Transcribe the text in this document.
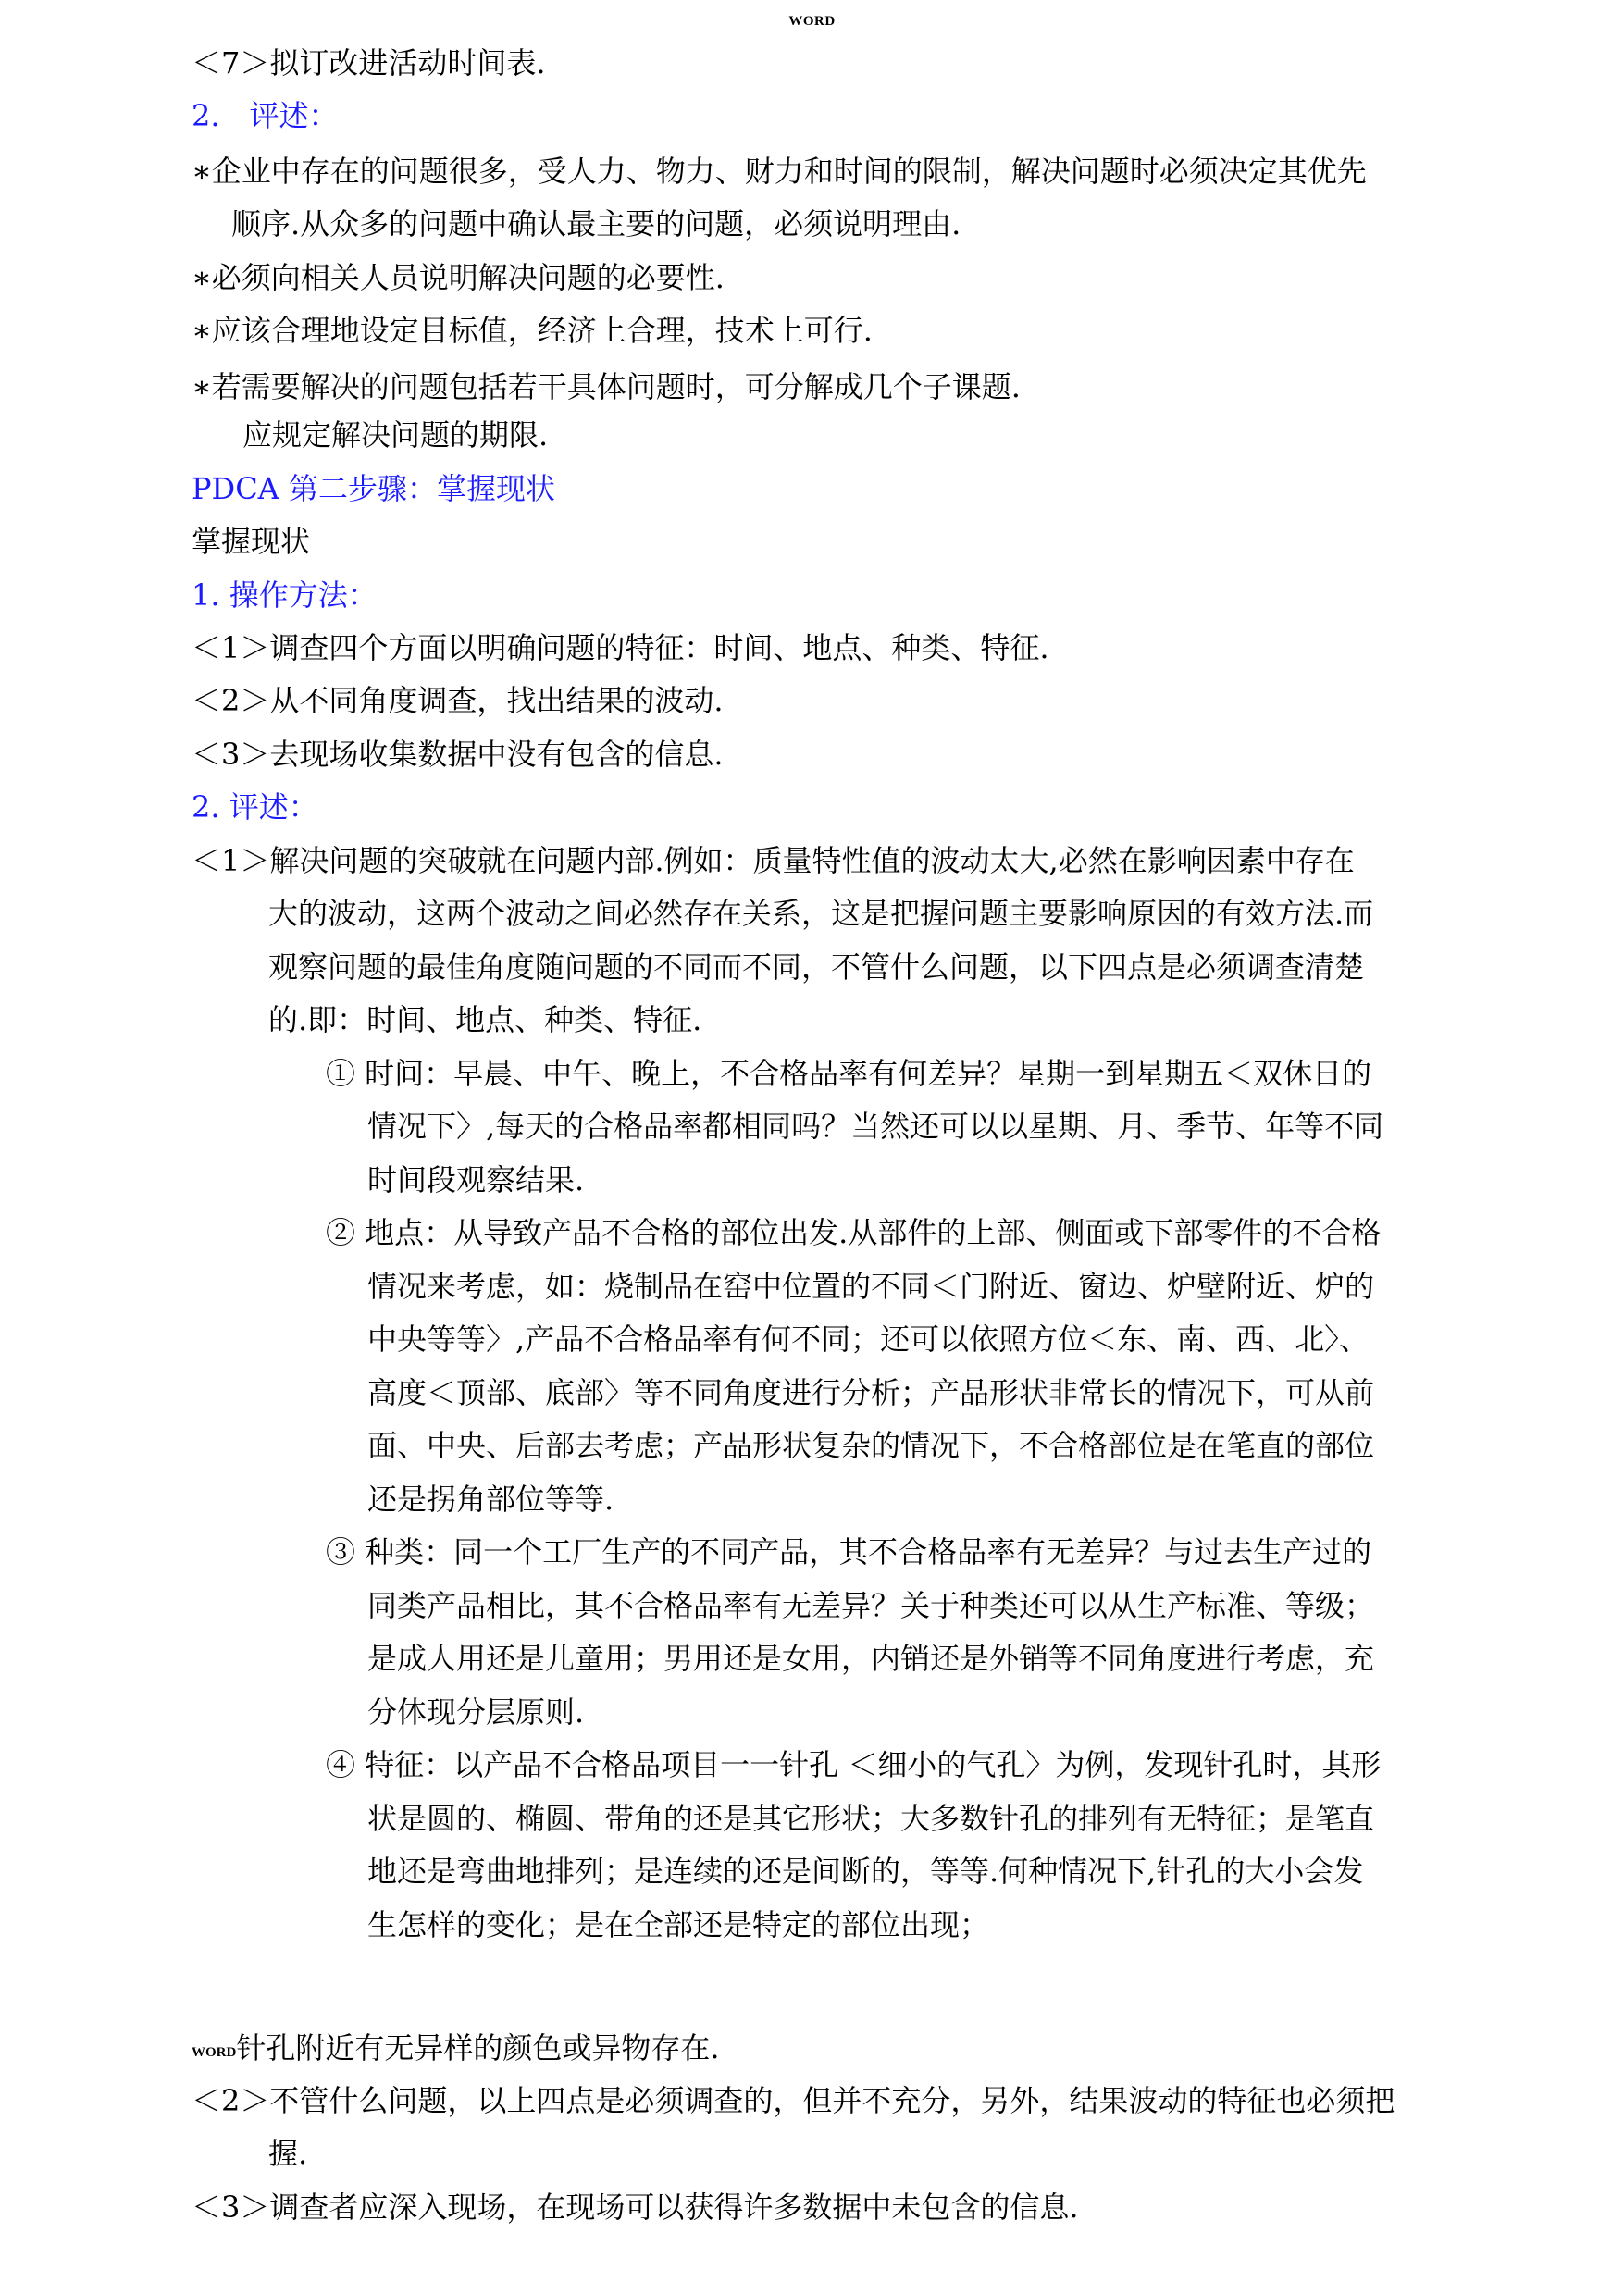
WORD
＜7＞拟订改进活动时间表.
2.　评述：
∗企业中存在的问题很多，受人力、物力、财力和时间的限制，解决问题时必须决定其优先
顺序.从众多的问题中确认最主要的问题，必须说明理由.
∗必须向相关人员说明解决问题的必要性.
∗应该合理地设定目标值，经济上合理，技术上可行.
∗若需要解决的问题包括若干具体问题时，可分解成几个子课题.
应规定解决问题的期限.
PDCA 第二步骤：掌握现状
掌握现状
1. 操作方法：
＜1＞调查四个方面以明确问题的特征：时间、地点、种类、特征.
＜2＞从不同角度调查，找出结果的波动.
＜3＞去现场收集数据中没有包含的信息.
2. 评述：
＜1＞解决问题的突破就在问题内部.例如：质量特性值的波动太大,必然在影响因素中存在
大的波动，这两个波动之间必然存在关系，这是把握问题主要影响原因的有效方法.而
观察问题的最佳角度随问题的不同而不同，不管什么问题，以下四点是必须调查清楚
的.即：时间、地点、种类、特征.
① 时间：早晨、中午、晚上，不合格品率有何差异？星期一到星期五＜双休日的
情况下〉,每天的合格品率都相同吗？当然还可以以星期、月、季节、年等不同
时间段观察结果.
② 地点：从导致产品不合格的部位出发.从部件的上部、侧面或下部零件的不合格
情况来考虑，如：烧制品在窑中位置的不同＜门附近、窗边、炉壁附近、炉的
中央等等〉,产品不合格品率有何不同；还可以依照方位＜东、南、西、北〉、
高度＜顶部、底部〉等不同角度进行分析；产品形状非常长的情况下，可从前
面、中央、后部去考虑；产品形状复杂的情况下，不合格部位是在笔直的部位
还是拐角部位等等.
③ 种类：同一个工厂生产的不同产品，其不合格品率有无差异？与过去生产过的
同类产品相比，其不合格品率有无差异？关于种类还可以从生产标准、等级；
是成人用还是儿童用；男用还是女用，内销还是外销等不同角度进行考虑，充
分体现分层原则.
④ 特征：以产品不合格品项目一一针孔 ＜细小的气孔〉为例，发现针孔时，其形
状是圆的、椭圆、带角的还是其它形状；大多数针孔的排列有无特征；是笔直
地还是弯曲地排列；是连续的还是间断的，等等.何种情况下,针孔的大小会发
生怎样的变化；是在全部还是特定的部位出现；
WORD针孔附近有无异样的颜色或异物存在.
＜2＞不管什么问题，以上四点是必须调查的，但并不充分，另外，结果波动的特征也必须把
握.
＜3＞调查者应深入现场，在现场可以获得许多数据中未包含的信息.
